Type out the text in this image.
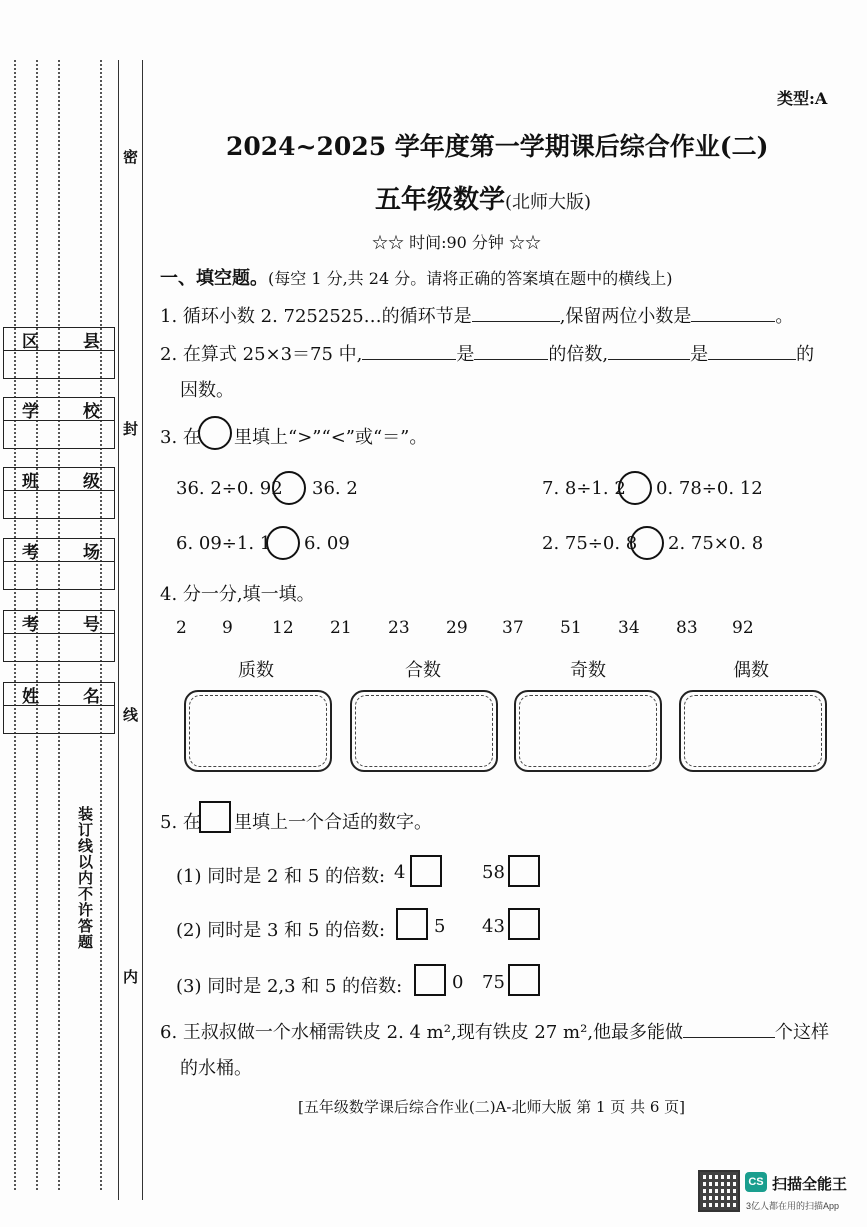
区	县
学	校
班	级
考	场
考	号
姓	名
密
封
线
内
装订线以内不许答题
类型:A
2024~2025 学年度第一学期课后综合作业(二)
五年级数学(北师大版)
☆☆ 时间:90 分钟 ☆☆
一、填空题。(每空 1 分,共 24 分。请将正确的答案填在题中的横线上)
1. 循环小数 2. 7252525…的循环节是	,保留两位小数是	。
2. 在算式 25×3＝75 中,	是	的倍数,	是	的
因数。
3. 在 里填上“>”“<”或“＝”。
36. 2÷0. 92 36. 2	7. 8÷1. 2 0. 78÷0. 12
6. 09÷1. 1 6. 09	2. 75÷0. 8 2. 75×0. 8
4. 分一分,填一填。
2 9 12 21 23 29 37 51 34 83 92
质数	合数	奇数	偶数
5. 在 里填上一个合适的数字。
(1) 同时是 2 和 5 的倍数: 4	58
(2) 同时是 3 和 5 的倍数:	5 43
(3) 同时是 2,3 和 5 的倍数:	0 75
6. 王叔叔做一个水桶需铁皮 2. 4 m²,现有铁皮 27 m²,他最多能做	个这样
的水桶。
[五年级数学课后综合作业(二)A-北师大版 第 1 页 共 6 页]
CS 扫描全能王
3亿人都在用的扫描App
